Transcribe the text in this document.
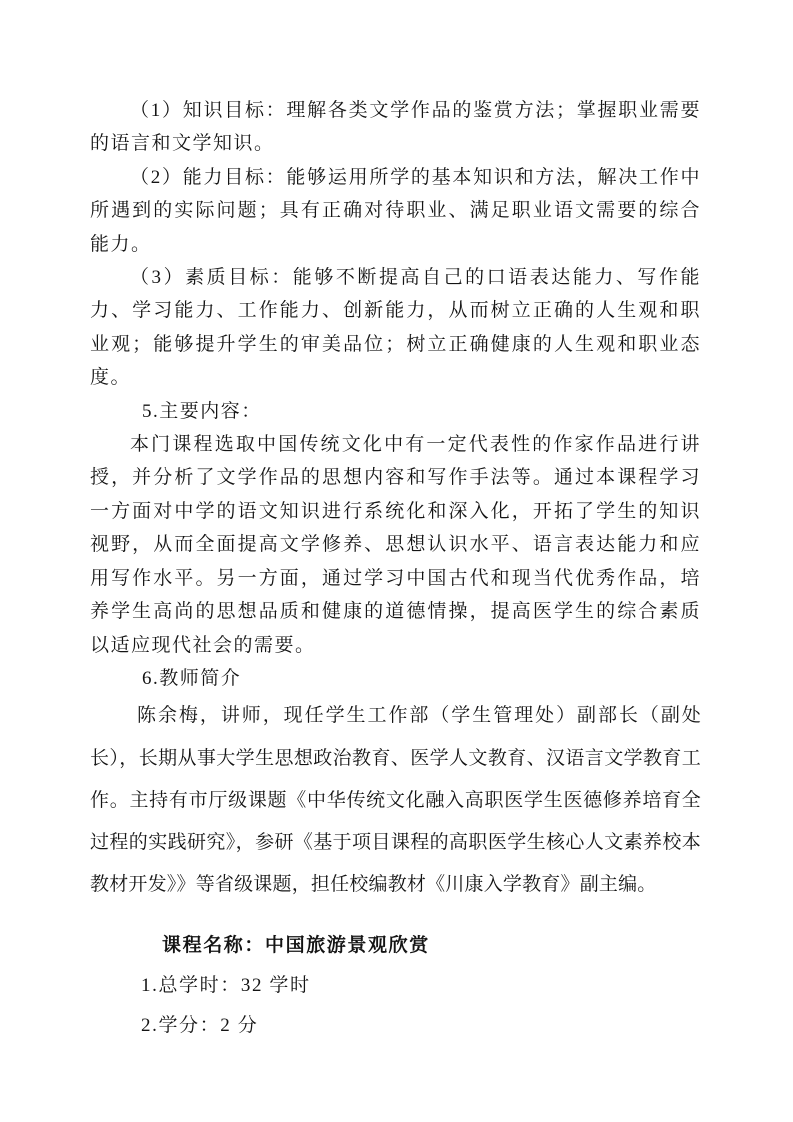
（1）知识目标：理解各类文学作品的鉴赏方法；掌握职业需要的语言和文学知识。

（2）能力目标：能够运用所学的基本知识和方法，解决工作中所遇到的实际问题；具有正确对待职业、满足职业语文需要的综合能力。

（3）素质目标：能够不断提高自己的口语表达能力、写作能力、学习能力、工作能力、创新能力，从而树立正确的人生观和职业观；能够提升学生的审美品位；树立正确健康的人生观和职业态度。

5.主要内容：

本门课程选取中国传统文化中有一定代表性的作家作品进行讲授，并分析了文学作品的思想内容和写作手法等。通过本课程学习一方面对中学的语文知识进行系统化和深入化，开拓了学生的知识视野，从而全面提高文学修养、思想认识水平、语言表达能力和应用写作水平。另一方面，通过学习中国古代和现当代优秀作品，培养学生高尚的思想品质和健康的道德情操，提高医学生的综合素质以适应现代社会的需要。

6.教师简介

陈余梅，讲师，现任学生工作部（学生管理处）副部长（副处长），长期从事大学生思想政治教育、医学人文教育、汉语言文学教育工作。主持有市厅级课题《中华传统文化融入高职医学生医德修养培育全过程的实践研究》，参研《基于项目课程的高职医学生核心人文素养校本教材开发》》等省级课题，担任校编教材《川康入学教育》副主编。

课程名称：中国旅游景观欣赏

1.总学时：32 学时

2.学分：2 分
